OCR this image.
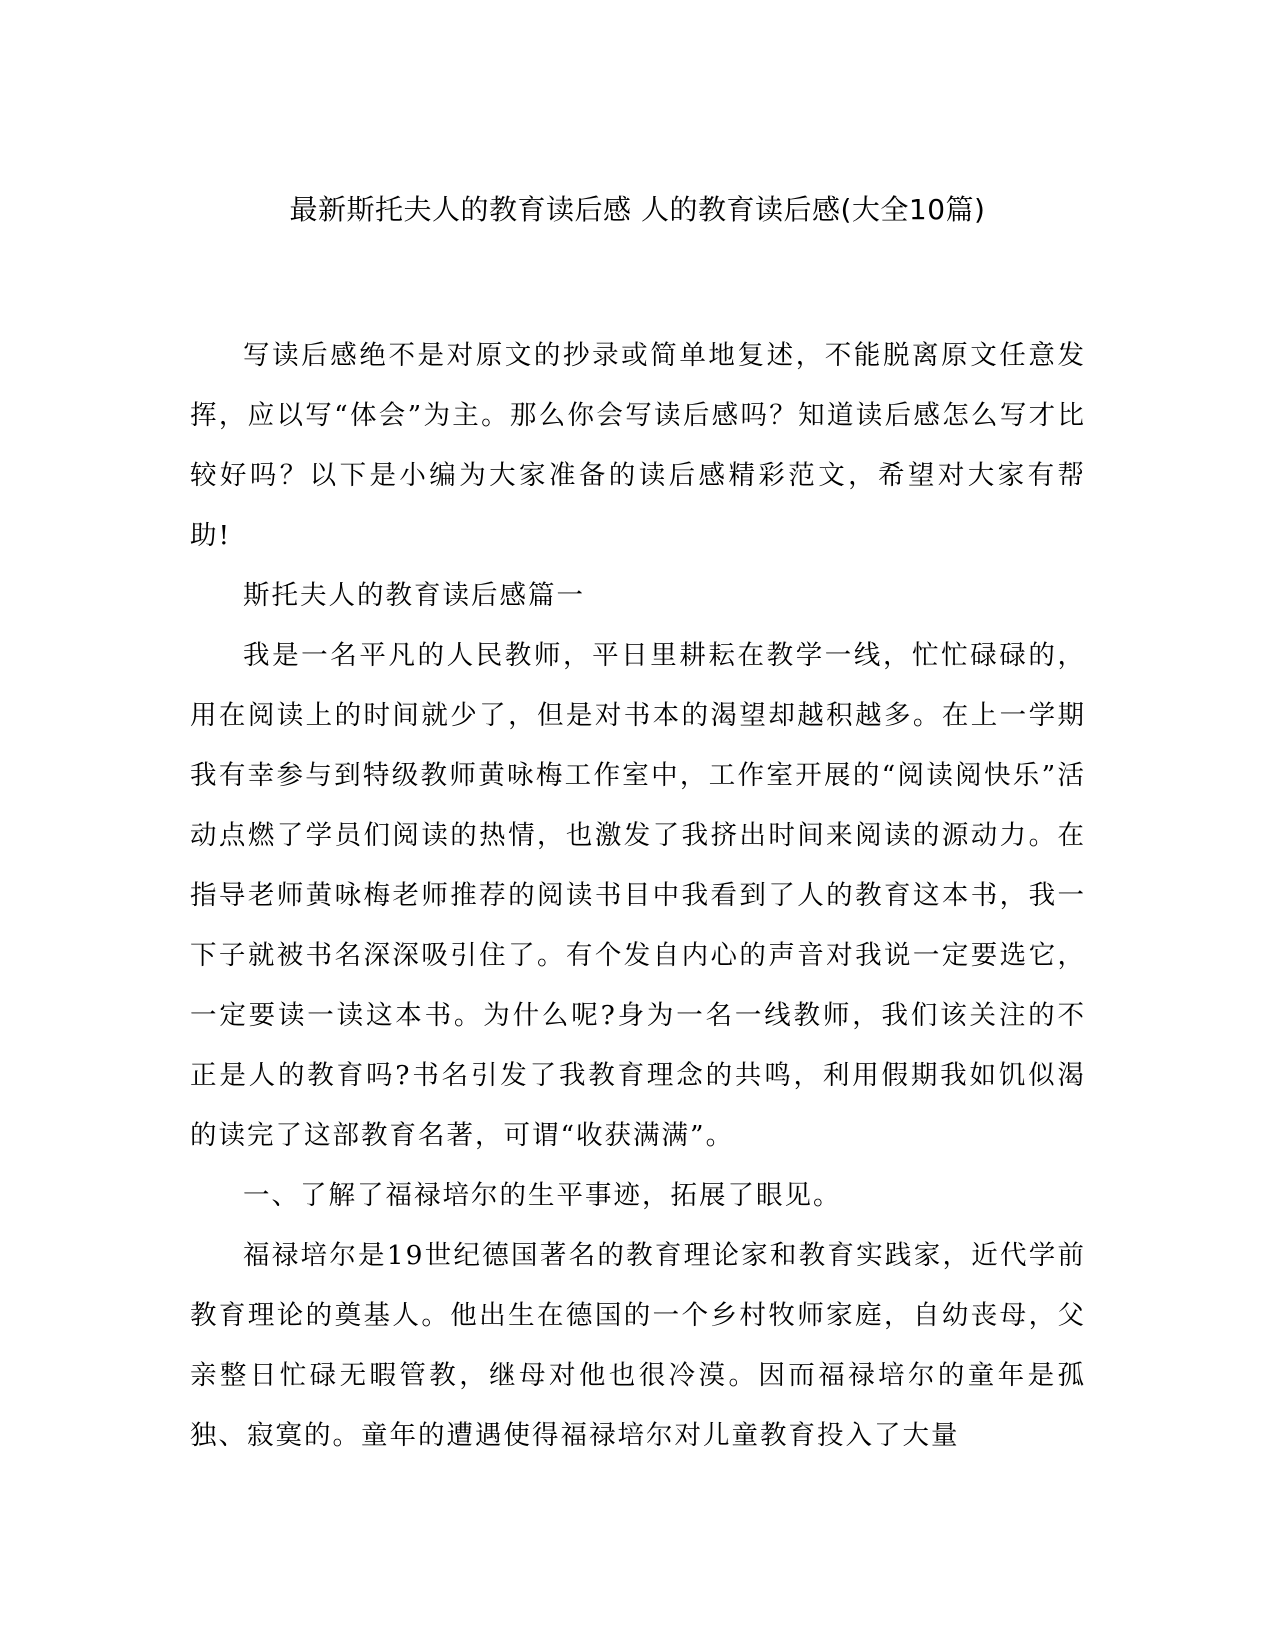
最新斯托夫人的教育读后感 人的教育读后感(大全10篇)

写读后感绝不是对原文的抄录或简单地复述，不能脱离原文任意发挥，应以写“体会”为主。那么你会写读后感吗？知道读后感怎么写才比较好吗？以下是小编为大家准备的读后感精彩范文，希望对大家有帮助!

斯托夫人的教育读后感篇一

我是一名平凡的人民教师，平日里耕耘在教学一线，忙忙碌碌的，用在阅读上的时间就少了，但是对书本的渴望却越积越多。在上一学期我有幸参与到特级教师黄咏梅工作室中，工作室开展的“阅读阅快乐”活动点燃了学员们阅读的热情，也激发了我挤出时间来阅读的源动力。在指导老师黄咏梅老师推荐的阅读书目中我看到了人的教育这本书，我一下子就被书名深深吸引住了。有个发自内心的声音对我说一定要选它，一定要读一读这本书。为什么呢?身为一名一线教师，我们该关注的不正是人的教育吗?书名引发了我教育理念的共鸣，利用假期我如饥似渴的读完了这部教育名著，可谓“收获满满”。

一、了解了福禄培尔的生平事迹，拓展了眼见。

福禄培尔是19世纪德国著名的教育理论家和教育实践家，近代学前教育理论的奠基人。他出生在德国的一个乡村牧师家庭，自幼丧母，父亲整日忙碌无暇管教，继母对他也很冷漠。因而福禄培尔的童年是孤独、寂寞的。童年的遭遇使得福禄培尔对儿童教育投入了大量
